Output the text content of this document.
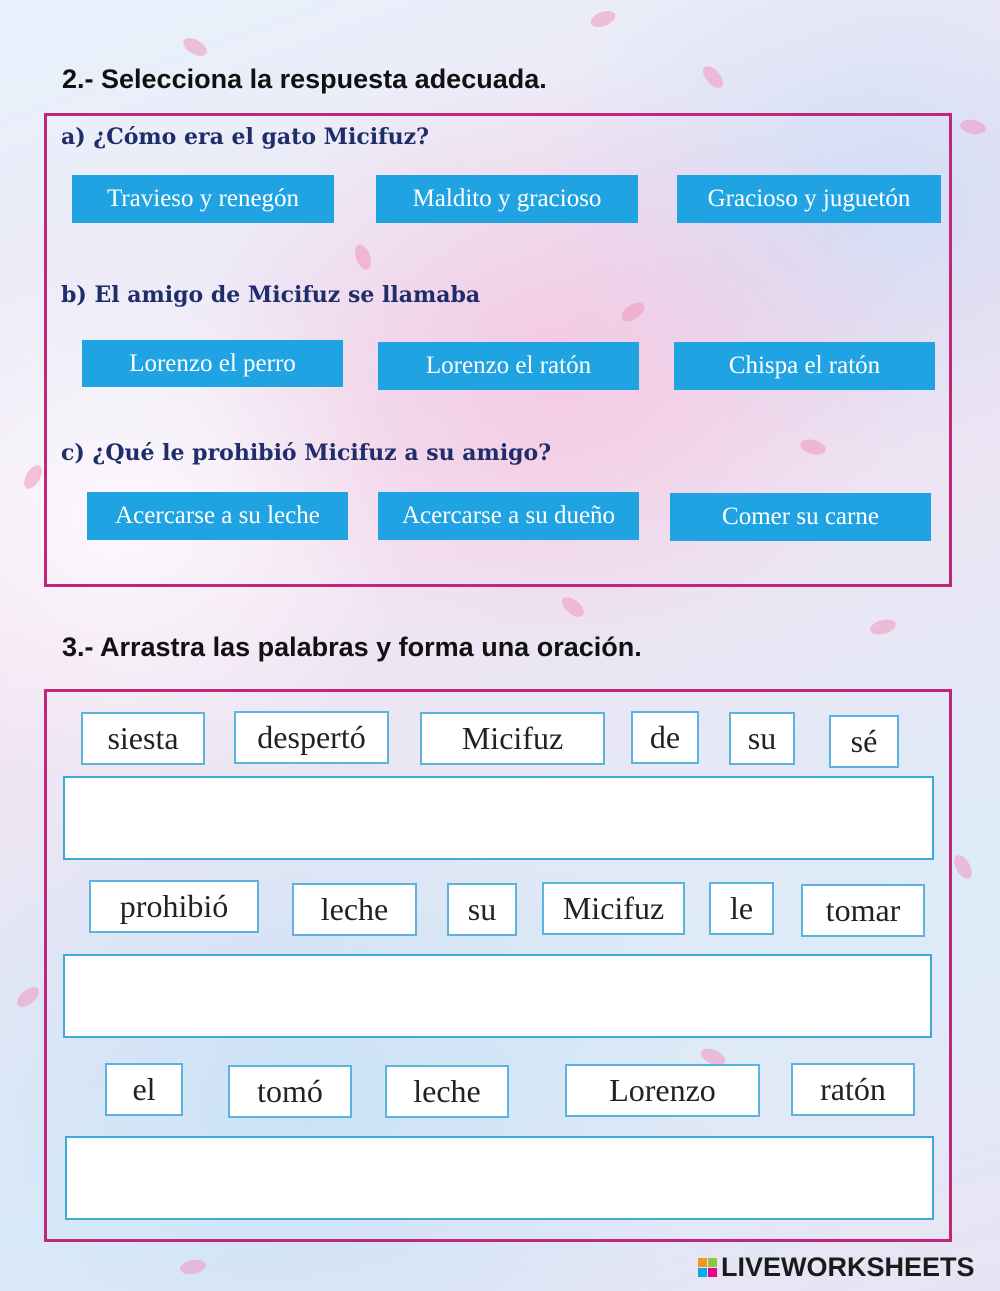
2.- Selecciona la respuesta adecuada.
a) ¿Cómo era el gato Micifuz?
Travieso y renegón	Maldito y gracioso	Gracioso y juguetón
b) El amigo de Micifuz se llamaba
Lorenzo el perro	Lorenzo el ratón	Chispa el ratón
c) ¿Qué le prohibió Micifuz a su amigo?
Acercarse a su leche	Acercarse a su dueño	Comer su carne
3.- Arrastra las palabras y forma una oración.
siesta	despertó	Micifuz	de	su	sé
prohibió	leche	su	Micifuz	le	tomar
el	tomó	leche	Lorenzo	ratón
LIVEWORKSHEETS
